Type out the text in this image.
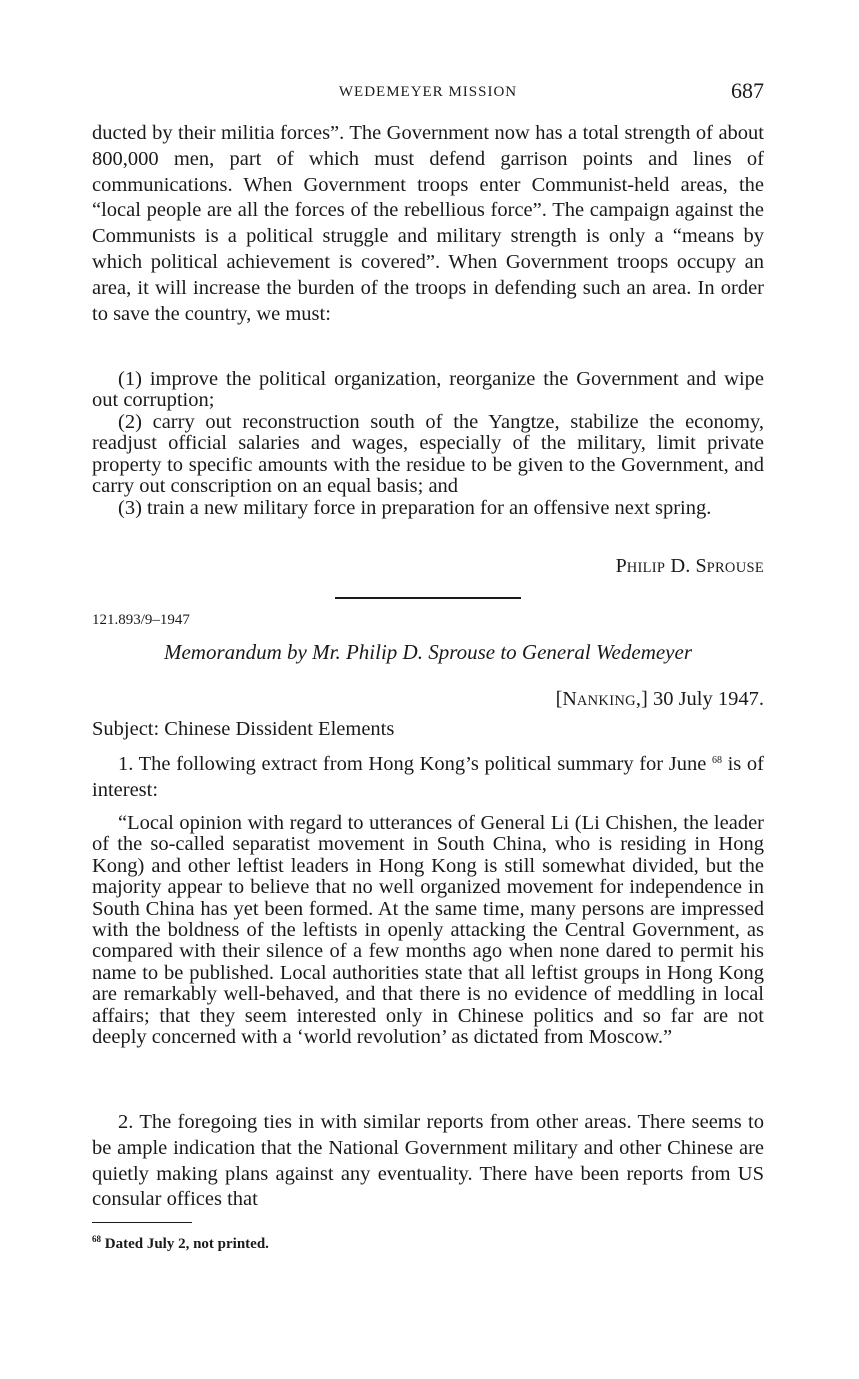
WEDEMEYER MISSION	687

ducted by their militia forces”. The Government now has a total strength of about 800,000 men, part of which must defend garrison points and lines of communications. When Government troops enter Communist-held areas, the “local people are all the forces of the rebellious force”. The campaign against the Communists is a political struggle and military strength is only a “means by which political achievement is covered”. When Government troops occupy an area, it will increase the burden of the troops in defending such an area. In order to save the country, we must:

(1) improve the political organization, reorganize the Government and wipe out corruption;

(2) carry out reconstruction south of the Yangtze, stabilize the economy, readjust official salaries and wages, especially of the military, limit private property to specific amounts with the residue to be given to the Government, and carry out conscription on an equal basis; and

(3) train a new military force in preparation for an offensive next spring.

PHILIP D. SPROUSE

121.893/9–1947
Memorandum by Mr. Philip D. Sprouse to General Wedemeyer

[NANKING,] 30 July 1947.

Subject: Chinese Dissident Elements

1. The following extract from Hong Kong’s political summary for June $^{68}$ is of interest:

“Local opinion with regard to utterances of General Li (Li Chishen, the leader of the so-called separatist movement in South China, who is residing in Hong Kong) and other leftist leaders in Hong Kong is still somewhat divided, but the majority appear to believe that no well organized movement for independence in South China has yet been formed. At the same time, many persons are impressed with the boldness of the leftists in openly attacking the Central Government, as compared with their silence of a few months ago when none dared to permit his name to be published. Local authorities state that all leftist groups in Hong Kong are remarkably well-behaved, and that there is no evidence of meddling in local affairs; that they seem interested only in Chinese politics and so far are not deeply concerned with a ‘world revolution’ as dictated from Moscow.”

2. The foregoing ties in with similar reports from other areas. There seems to be ample indication that the National Government military and other Chinese are quietly making plans against any eventuality. There have been reports from US consular offices that

$^{68}$ Dated July 2, not printed.
